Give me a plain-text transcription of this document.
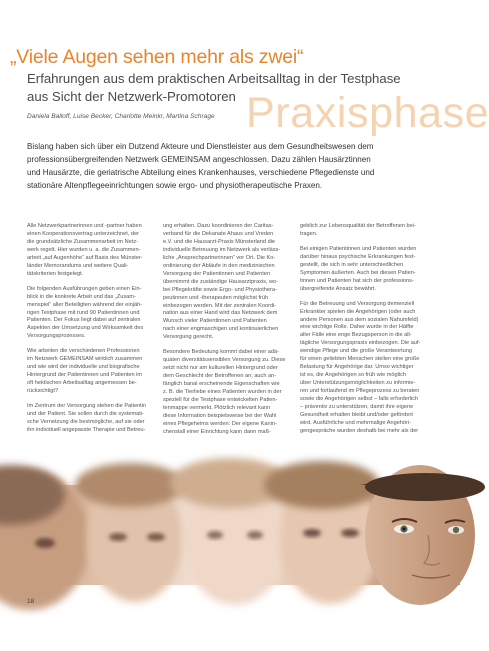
„Viele Augen sehen mehr als zwei“
Erfahrungen aus dem praktischen Arbeitsalltag in der Testphase
aus Sicht der Netzwerk-Promotoren
Daniela Balloff, Luise Becker, Charlotte Meinkr, Martina Schrage Praxisphase
Bislang haben sich über ein Dutzend Akteure und Dienstleister aus dem Gesundheitswesen dem
professionsübergreifenden Netzwerk GEMEINSAM angeschlossen. Dazu zählen Hausärztinnen
und Hausärzte, die geriatrische Abteilung eines Krankenhauses, verschiedene Pflegedienste und
stationäre Altenpflegeeinrichtungen sowie ergo- und physiotherapeutische Praxen.

Alle Netzwerkpartnerinnen und -partner haben
einen Kooperationsvertrag unterzeichnet, der
die grundsätzliche Zusammenarbeit im Netz-
werk regelt. Hier wurden u. a. die Zusammen-
arbeit „auf Augenhöhe“ auf Basis des Münster-
länder Memorandums und weitere Quali-
tätskriterien festgelegt.

Die folgenden Ausführungen geben einen Ein-
blick in die konkrete Arbeit und das „Zusam-
menspiel“ aller Beteiligten während der einjäh-
rigen Testphase mit rund 90 Patientinnen und
Patienten. Der Fokus liegt dabei auf zentralen
Aspekten der Umsetzung und Wirksamkeit des
Versorgungsprozesses.

Wie arbeiten die verschiedenen Professionen
im Netzwerk GEMEINSAM wirklich zusammen
und wie wird der individuelle und biografische
Hintergrund der Patientinnen und Patienten im
oft hektischen Arbeitsalltag angemessen be-
rücksichtigt?

Im Zentrum der Versorgung stehen die Patientin
und der Patient. Sie sollen durch die systemati-
sche Vernetzung die bestmögliche, auf sie oder
ihn individuell angepasste Therapie und Betreu-

ung erhalten. Dazu koordinieren der Caritas-
verband für die Dekanate Ahaus und Vreden
e.V. und die Hausarzt-Praxis Münsterland die
individuelle Betreuung im Netzwerk als verläss-
liche „Ansprechpartnerinnen“ vor Ort. Die Ko-
ordinierung der Abläufe in den medizinischen
Versorgung der Patientinnen und Patienten
übernimmt die zuständige Hausarztpraxis, wo-
bei Pflegekräfte sowie Ergo- und Physiothera-
peutinnen und -therapeuten möglichst früh
einbezogen werden. Mit der zentralen Koordi-
nation aus einer Hand wird das Netzwerk dem
Wunsch vieler Patientinnen und Patienten
nach einer engmaschigen und kontinuierlichen
Versorgung gerecht.

Besondere Bedeutung kommt dabei einer adä-
quaten diversitätssensiblen Versorgung zu. Diese
setzt nicht nur am kulturellen Hintergrund oder
dem Geschlecht der Betroffenen an; auch an-
fänglich banal erscheinende Eigenschaften wie
z. B. die Tierliebe eines Patienten wurden in der
speziell für die Testphase entwickelten Patien-
tenmappe vermerkt. Plötzlich relevant kann
diese Information beispielsweise bei der Wahl
eines Pflegeheims werden: Der eigene Kanin-
chenstall einer Einrichtung kann dann maß-

geblich zur Lebensqualität der Betroffenen bei-
tragen.

Bei einigen Patientinnen und Patienten wurden
darüber hinaus psychische Erkrankungen fest-
gestellt, die sich in sehr unterschiedlichen
Symptomen äußerten. Auch bei diesen Patien-
tinnen und Patienten hat sich der professions-
übergreifende Ansatz bewährt.

Für die Betreuung und Versorgung demenziell
Erkrankter spielen die Angehörigen (oder auch
andere Personen aus dem sozialen Nahumfeld)
eine wichtige Rolle. Daher wurde in der Hälfte
aller Fälle eine enge Bezugsperson in die all-
tägliche Versorgungspraxis einbezogen. Die auf-
wendige Pflege und die große Verantwortung
für einen geliebten Menschen stellen eine große
Belastung für Angehörige dar. Umso wichtiger
ist es, die Angehörigen so früh wie möglich
über Unterstützungsmöglichkeiten zu informie-
ren und fortlaufend im Pflegeprozess zu beraten
sowie die Angehörigen selbst – falls erforderlich
– präventiv zu unterstützen, damit ihre eigene
Gesundheit erhalten bleibt und/oder gefördert
wird. Ausführliche und mehrmalige Angehöri-
gengespräche wurden deshalb bei mehr als der

18
